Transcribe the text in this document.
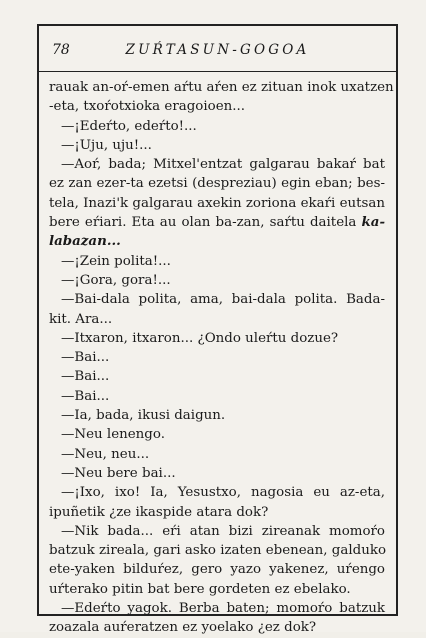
78	ZUŔTASUN-GOGOA
rauak an-oŕ-emen aŕtu aŕen ez zituan inok uxatzen
-eta, txoŕotxioka eragoioen...
—¡Edeŕto, edeŕto!...
—¡Uju, uju!...
—Aoŕ, bada; Mitxel'entzat galgarau bakaŕ bat
ez zan ezer-ta ezetsi (despreziau) egin eban; bes-
tela, Inazi'k galgarau axekin zoriona ekaŕi eutsan
bere eŕiari. Eta au olan ba-zan, saŕtu daitela ka-
labazan...
—¡Zein polita!...
—¡Gora, gora!...
—Bai-dala polita, ama, bai-dala polita. Bada-
kit. Ara...
—Itxaron, itxaron... ¿Ondo uleŕtu dozue?
—Bai...
—Bai...
—Bai...
—Ia, bada, ikusi daigun.
—Neu lenengo.
—Neu, neu...
—Neu bere bai...
—¡Ixo, ixo! Ia, Yesustxo, nagosia eu az-eta,
ipuñetik ¿ze ikaspide atara dok?
—Nik bada... eŕi atan bizi zireanak momoŕo
batzuk zireala, gari asko izaten ebenean, galduko
ete-yaken bilduŕez, gero yazo yakenez, uŕengo
uŕterako pitin bat bere gordeten ez ebelako.
—Edeŕto yagok. Berba baten; momoŕo batzuk
zoazala auŕeratzen ez yoelako ¿ez dok?
